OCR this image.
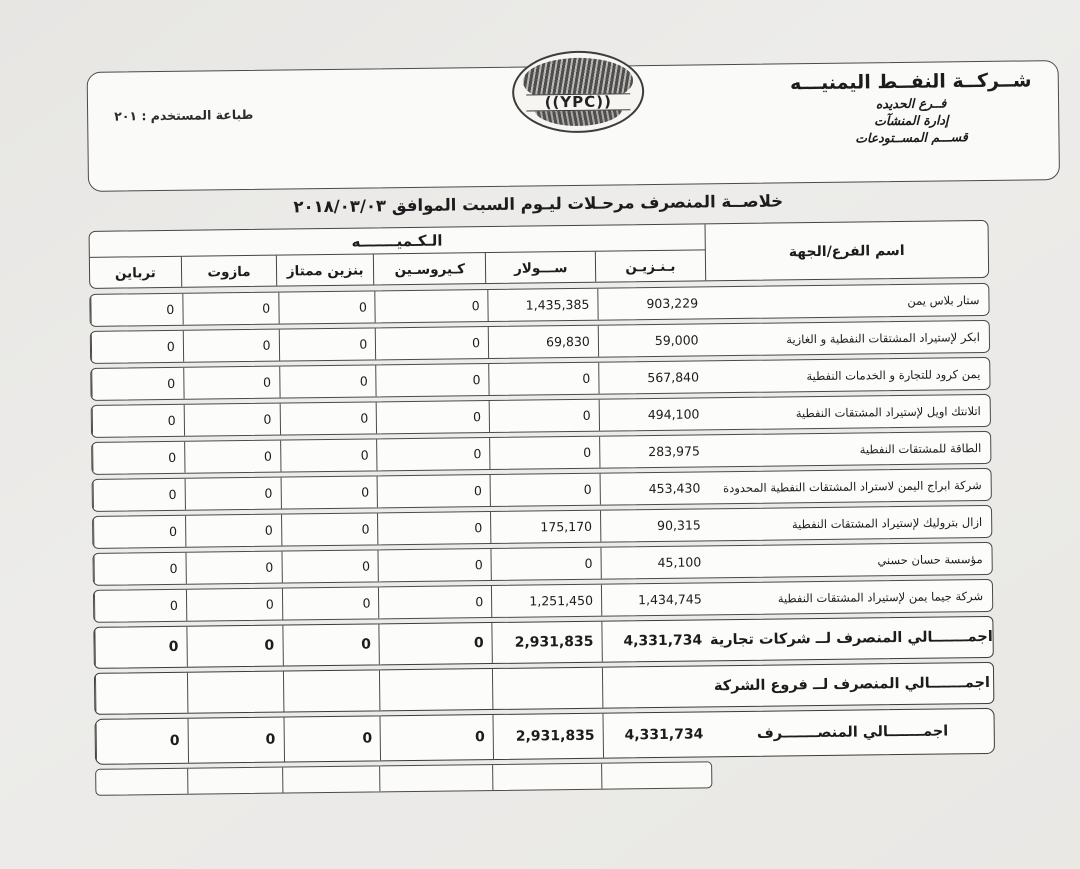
طباعة المستخدم : ٢٠١
((YPC))
شــركــة النفــط اليمنيـــه
فــرع الحديده
إدارة المنشآت
قســـم المســتودعات
خلاصــة المنصرف مرحـلات ليـوم السبت الموافق ٢٠١٨/٠٣/٠٣
اسم الفرع/الجهة
الـكـميـــــــه
بـنـزيـن
ســـولار
كـيروسـين
بنزين ممتاز
مازوت
ترباين
ستار بلاس يمن
903,229
1,435,385
0
0
0
0
ابكر لإستيراد المشتقات النفطية و الغازية
59,000
69,830
0
0
0
0
يمن كرود للتجارة و الخدمات النفطية
567,840
0
0
0
0
0
اتلانتك اويل لإستيراد المشتقات النفطية
494,100
0
0
0
0
0
الطاقة للمشتقات النفطية
283,975
0
0
0
0
0
شركة ابراج اليمن لاستراد المشتقات النفطية المحدودة
453,430
0
0
0
0
0
ازال بتروليك لإستيراد المشتقات النفطية
90,315
175,170
0
0
0
0
مؤسسة حسان حسني
45,100
0
0
0
0
0
شركة جيما يمن لإستيراد المشتقات النفطية
1,434,745
1,251,450
0
0
0
0
اجمـــــــالي المنصرف لــ شركات تجارية
4,331,734
2,931,835
0
0
0
0
اجمـــــــالي المنصرف لــ فروع الشركة
اجمـــــــالي المنصـــــــرف
4,331,734
2,931,835
0
0
0
0
